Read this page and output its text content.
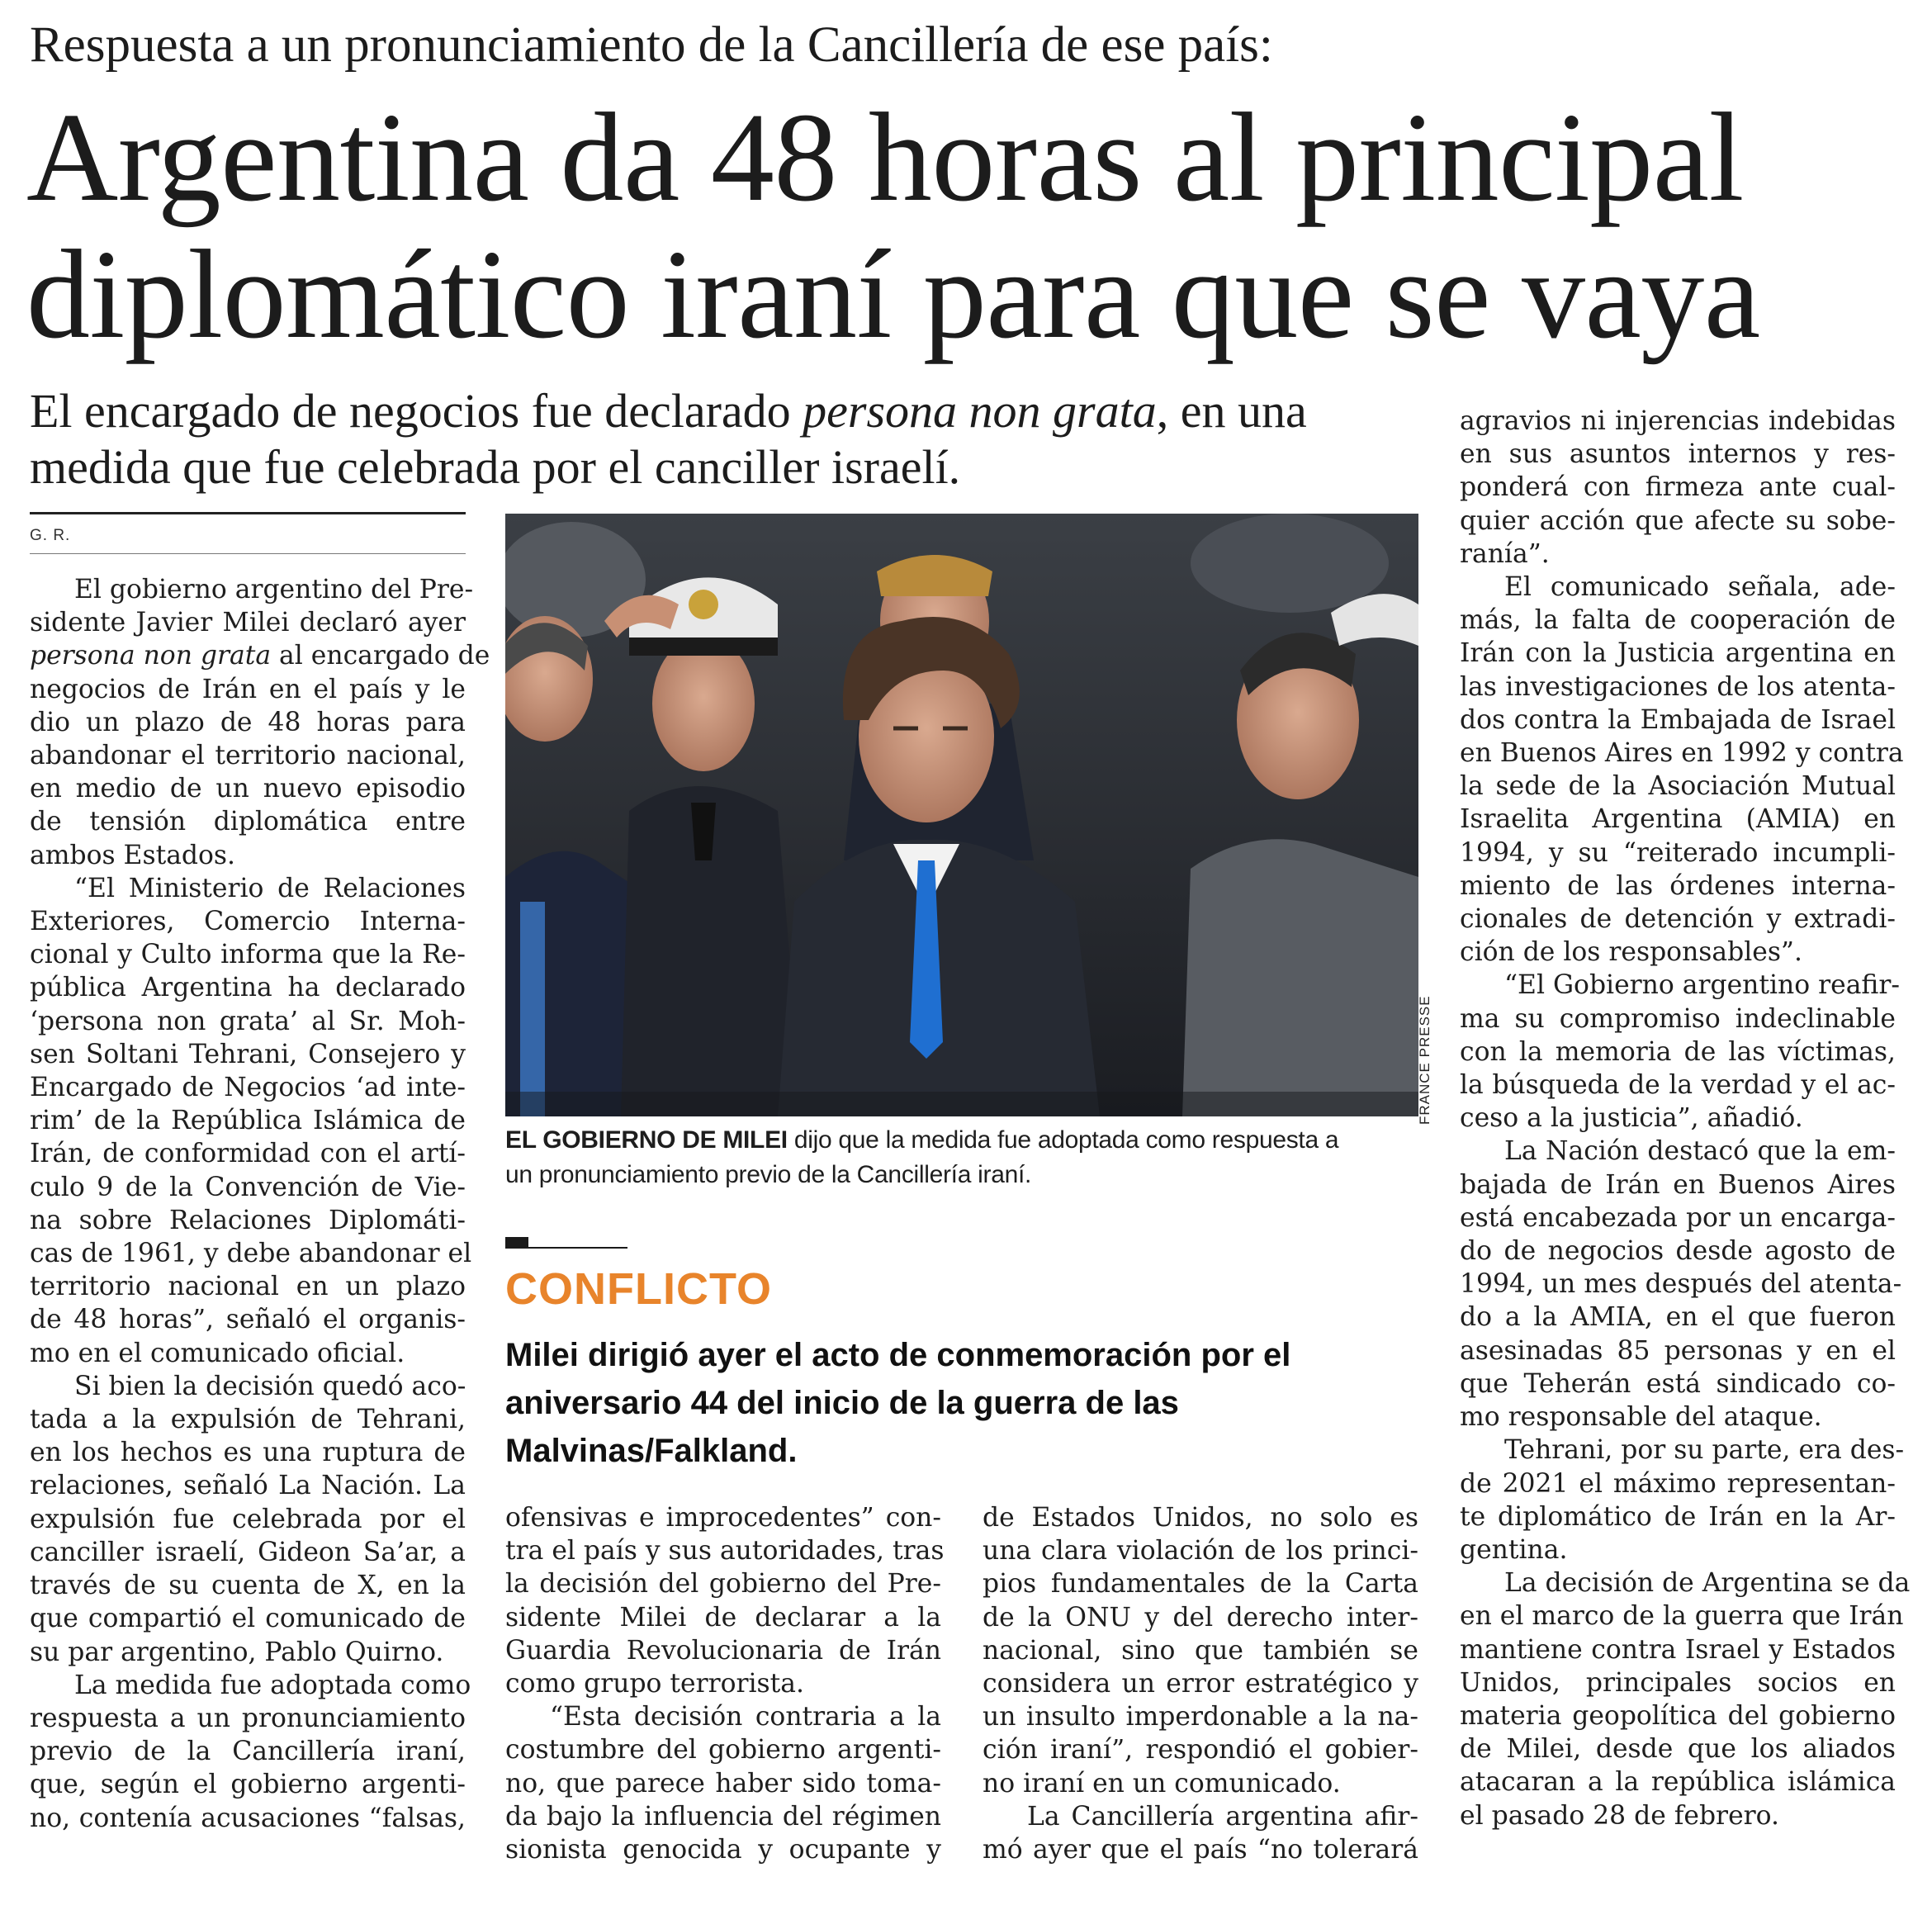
Respuesta a un pronunciamiento de la Cancillería de ese país:
Argentina da 48 horas al principal
diplomático iraní para que se vaya
El encargado de negocios fue declarado persona non grata, en una
medida que fue celebrada por el canciller israelí.
G. R.
El gobierno argentino del Pre-
sidente Javier Milei declaró ayer
persona non grata al encargado de
negocios de Irán en el país y le
dio un plazo de 48 horas para
abandonar el territorio nacional,
en medio de un nuevo episodio
de tensión diplomática entre
ambos Estados.
“El Ministerio de Relaciones
Exteriores, Comercio Interna-
cional y Culto informa que la Re-
pública Argentina ha declarado
‘persona non grata’ al Sr. Moh-
sen Soltani Tehrani, Consejero y
Encargado de Negocios ‘ad inte-
rim’ de la República Islámica de
Irán, de conformidad con el artí-
culo 9 de la Convención de Vie-
na sobre Relaciones Diplomáti-
cas de 1961, y debe abandonar el
territorio nacional en un plazo
de 48 horas”, señaló el organis-
mo en el comunicado oficial.
Si bien la decisión quedó aco-
tada a la expulsión de Tehrani,
en los hechos es una ruptura de
relaciones, señaló La Nación. La
expulsión fue celebrada por el
canciller israelí, Gideon Sa’ar, a
través de su cuenta de X, en la
que compartió el comunicado de
su par argentino, Pablo Quirno.
La medida fue adoptada como
respuesta a un pronunciamiento
previo de la Cancillería iraní,
que, según el gobierno argenti-
no, contenía acusaciones “falsas,
FRANCE PRESSE
EL GOBIERNO DE MILEI dijo que la medida fue adoptada como respuesta a
un pronunciamiento previo de la Cancillería iraní.
CONFLICTO
Milei dirigió ayer el acto de conmemoración por el
aniversario 44 del inicio de la guerra de las
Malvinas/Falkland.
ofensivas e improcedentes” con-
tra el país y sus autoridades, tras
la decisión del gobierno del Pre-
sidente Milei de declarar a la
Guardia Revolucionaria de Irán
como grupo terrorista.
“Esta decisión contraria a la
costumbre del gobierno argenti-
no, que parece haber sido toma-
da bajo la influencia del régimen
sionista genocida y ocupante y
de Estados Unidos, no solo es
una clara violación de los princi-
pios fundamentales de la Carta
de la ONU y del derecho inter-
nacional, sino que también se
considera un error estratégico y
un insulto imperdonable a la na-
ción iraní”, respondió el gobier-
no iraní en un comunicado.
La Cancillería argentina afir-
mó ayer que el país “no tolerará
agravios ni injerencias indebidas
en sus asuntos internos y res-
ponderá con firmeza ante cual-
quier acción que afecte su sobe-
ranía”.
El comunicado señala, ade-
más, la falta de cooperación de
Irán con la Justicia argentina en
las investigaciones de los atenta-
dos contra la Embajada de Israel
en Buenos Aires en 1992 y contra
la sede de la Asociación Mutual
Israelita Argentina (AMIA) en
1994, y su “reiterado incumpli-
miento de las órdenes interna-
cionales de detención y extradi-
ción de los responsables”.
“El Gobierno argentino reafir-
ma su compromiso indeclinable
con la memoria de las víctimas,
la búsqueda de la verdad y el ac-
ceso a la justicia”, añadió.
La Nación destacó que la em-
bajada de Irán en Buenos Aires
está encabezada por un encarga-
do de negocios desde agosto de
1994, un mes después del atenta-
do a la AMIA, en el que fueron
asesinadas 85 personas y en el
que Teherán está sindicado co-
mo responsable del ataque.
Tehrani, por su parte, era des-
de 2021 el máximo representan-
te diplomático de Irán en la Ar-
gentina.
La decisión de Argentina se da
en el marco de la guerra que Irán
mantiene contra Israel y Estados
Unidos, principales socios en
materia geopolítica del gobierno
de Milei, desde que los aliados
atacaran a la república islámica
el pasado 28 de febrero.
